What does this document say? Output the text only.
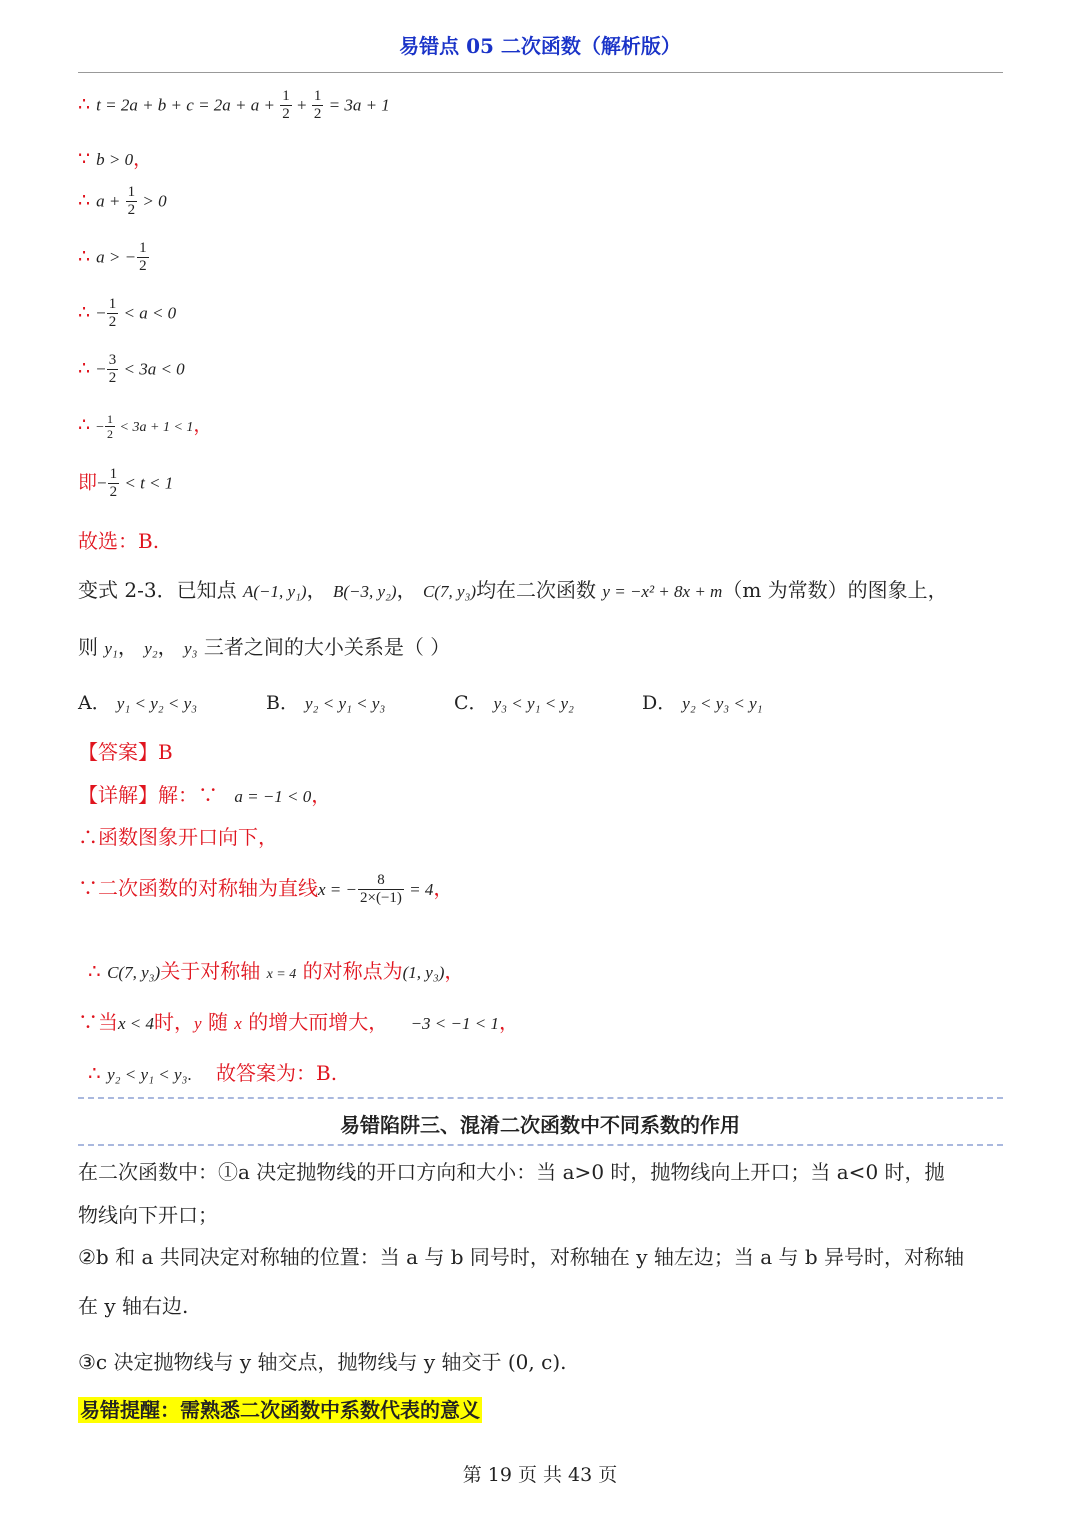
易错点 05 二次函数（解析版）
∴ $t = 2a + b + c = 2a + a + \frac{1}{2} + \frac{1}{2} = 3a + 1$
∵ b > 0，
∴ $a + \frac{1}{2} > 0$
∴ a > − $\frac{1}{2}$
∴ − $\frac{1}{2} < a < 0$
∴ − $\frac{3}{2} < 3a < 0$
∴ − $\frac{1}{2} < 3a + 1 < 1$，
即− $\frac{1}{2} < t < 1$
故选：B.
变式 2-3．已知点 A(−1, y₁)， B(−3, y₂)， C(7, y₃)均在二次函数 y = −x² + 8x + m（m 为常数）的图象上，
则 y₁， y₂， y₃ 三者之间的大小关系是（ ）
A． y₁ < y₂ < y₃	B． y₂ < y₁ < y₃	C． y₃ < y₁ < y₂	D． y₂ < y₃ < y₁
【答案】B
【详解】解：∵ a = −1 < 0，
∴函数图象开口向下，
∵二次函数的对称轴为直线x = − $\frac{8}{2\times(-1)} = 4$，
∴ C(7, y₃)关于对称轴 x = 4 的对称点为(1, y₃)，
∵当x < 4时，y 随 x 的增大而增大， −3 < −1 < 1，
∴ y₂ < y₁ < y₃. 故答案为：B.
易错陷阱三、混淆二次函数中不同系数的作用
在二次函数中：①a 决定抛物线的开口方向和大小：当 a>0 时，抛物线向上开口；当 a<0 时，抛
物线向下开口；
②b 和 a 共同决定对称轴的位置：当 a 与 b 同号时，对称轴在 y 轴左边；当 a 与 b 异号时，对称轴
在 y 轴右边.
③c 决定抛物线与 y 轴交点，抛物线与 y 轴交于 (0, c).
易错提醒：需熟悉二次函数中系数代表的意义
第 19 页 共 43 页
